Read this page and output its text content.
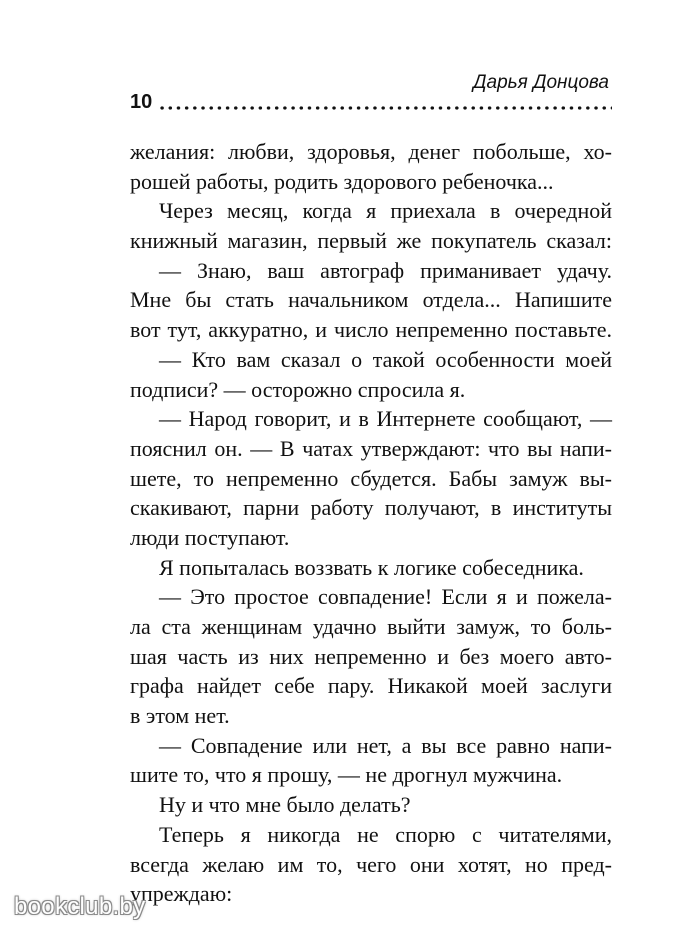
Дарья Донцова
10
желания: любви, здоровья, денег побольше, хо-
рошей работы, родить здорового ребеночка...
Через месяц, когда я приехала в очередной
книжный магазин, первый же покупатель сказал:
— Знаю, ваш автограф приманивает удачу.
Мне бы стать начальником отдела... Напишите
вот тут, аккуратно, и число непременно поставьте.
— Кто вам сказал о такой особенности моей
подписи? — осторожно спросила я.
— Народ говорит, и в Интернете сообщают, —
пояснил он. — В чатах утверждают: что вы напи-
шете, то непременно сбудется. Бабы замуж вы-
скакивают, парни работу получают, в институты
люди поступают.
Я попыталась воззвать к логике собеседника.
— Это простое совпадение! Если я и пожела-
ла ста женщинам удачно выйти замуж, то боль-
шая часть из них непременно и без моего авто-
графа найдет себе пару. Никакой моей заслуги
в этом нет.
— Совпадение или нет, а вы все равно напи-
шите то, что я прошу, — не дрогнул мужчина.
Ну и что мне было делать?
Теперь я никогда не спорю с читателями,
всегда желаю им то, чего они хотят, но пред-
упреждаю:
bookclub.by
